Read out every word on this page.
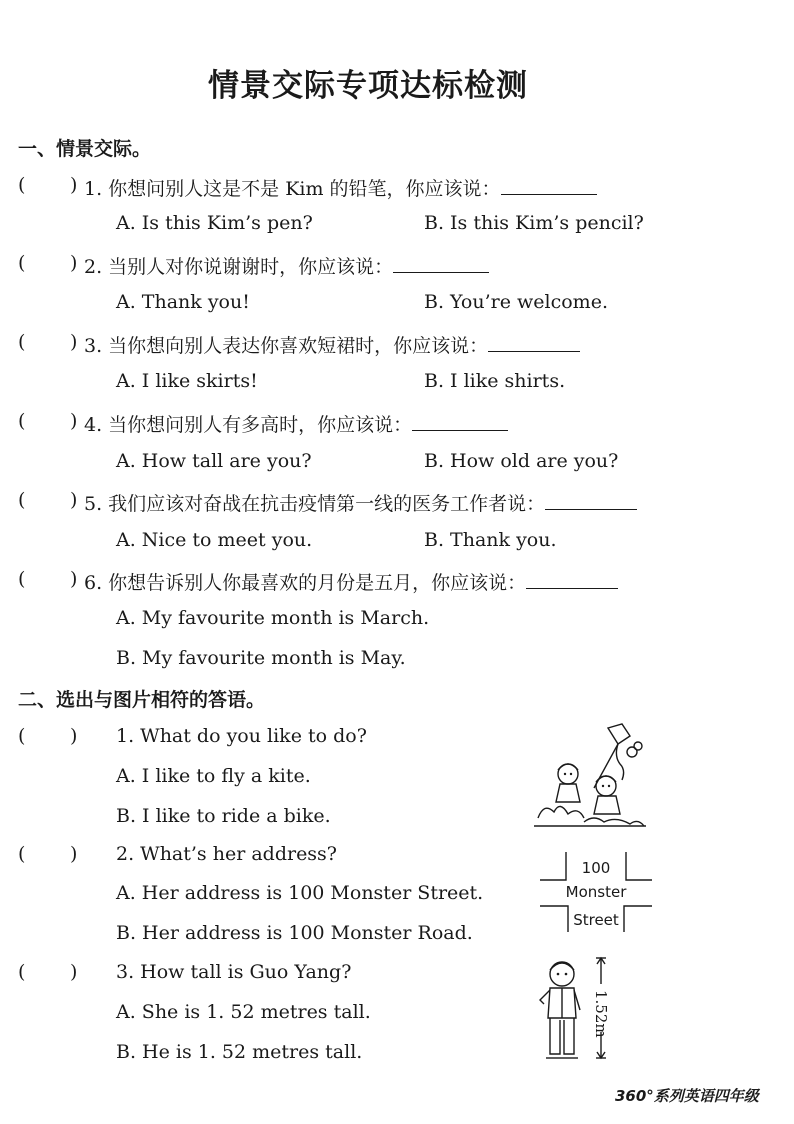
情景交际专项达标检测
一、情景交际。
( ) 1. 你想问别人这是不是 Kim 的铅笔，你应该说：
A. Is this Kim’s pen?	B. Is this Kim’s pencil?
( ) 2. 当别人对你说谢谢时，你应该说：
A. Thank you!	B. You’re welcome.
( ) 3. 当你想向别人表达你喜欢短裙时，你应该说：
A. I like skirts!	B. I like shirts.
( ) 4. 当你想问别人有多高时，你应该说：
A. How tall are you?	B. How old are you?
( ) 5. 我们应该对奋战在抗击疫情第一线的医务工作者说：
A. Nice to meet you.	B. Thank you.
( ) 6. 你想告诉别人你最喜欢的月份是五月，你应该说：
A. My favourite month is March.
B. My favourite month is May.
二、选出与图片相符的答语。
( ) 1. What do you like to do?
A. I like to fly a kite.
B. I like to ride a bike.
( ) 2. What’s her address?
A. Her address is 100 Monster Street.
B. Her address is 100 Monster Road.
( ) 3. How tall is Guo Yang?
A. She is 1. 52 metres tall.
B. He is 1. 52 metres tall.
100
Monster
Street
1.52m
360°系列英语四年级
